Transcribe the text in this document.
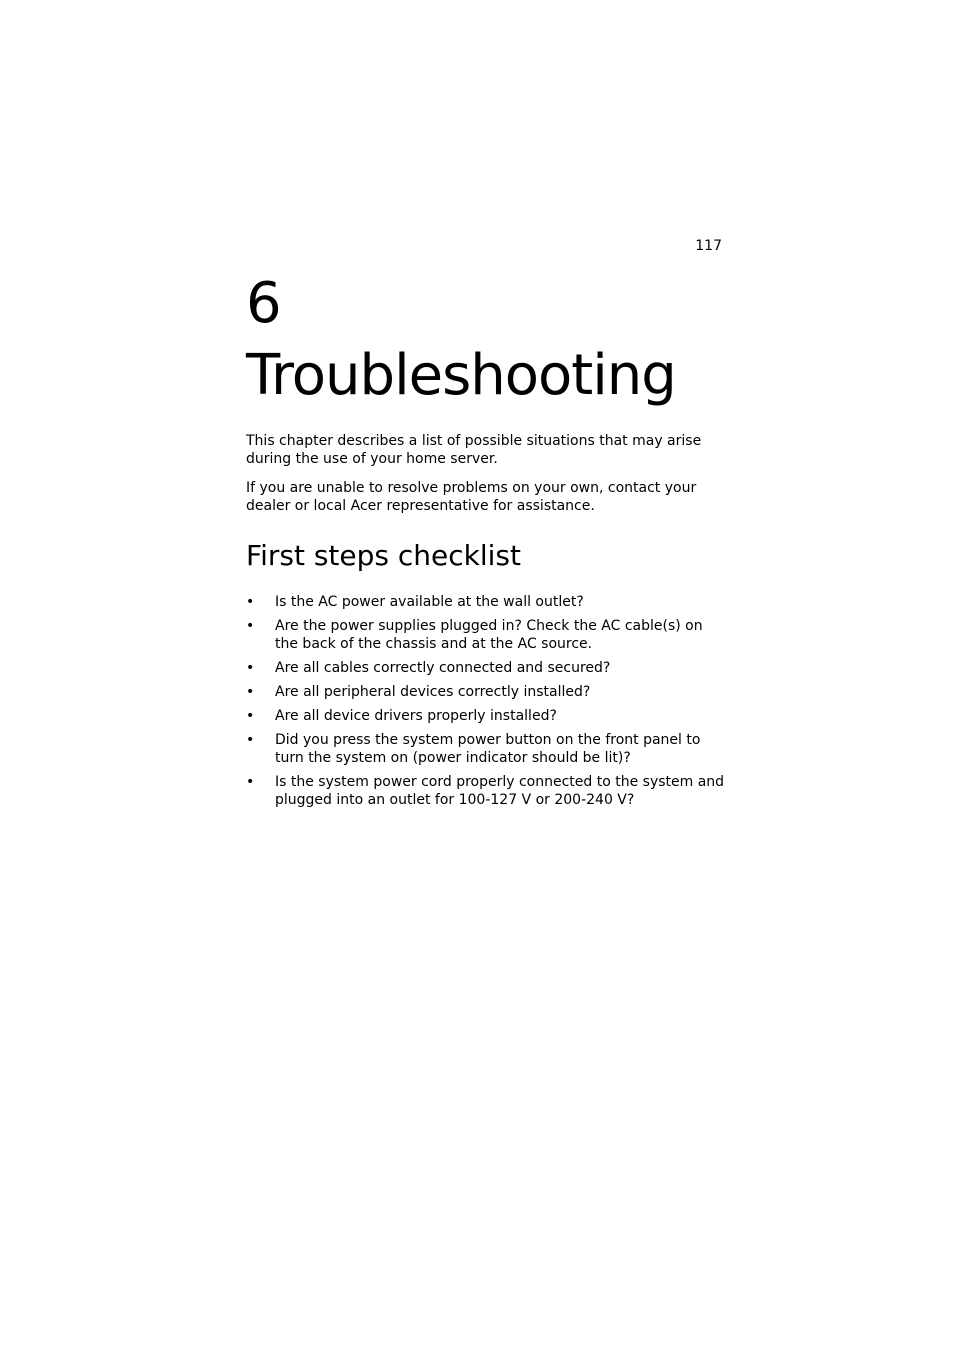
117
6 Troubleshooting

This chapter describes a list of possible situations that may arise during the use of your home server.

If you are unable to resolve problems on your own, contact your dealer or local Acer representative for assistance.

First steps checklist
• Is the AC power available at the wall outlet?
• Are the power supplies plugged in? Check the AC cable(s) on the back of the chassis and at the AC source.
• Are all cables correctly connected and secured?
• Are all peripheral devices correctly installed?
• Are all device drivers properly installed?
• Did you press the system power button on the front panel to turn the system on (power indicator should be lit)?
• Is the system power cord properly connected to the system and plugged into an outlet for 100-127 V or 200-240 V?
